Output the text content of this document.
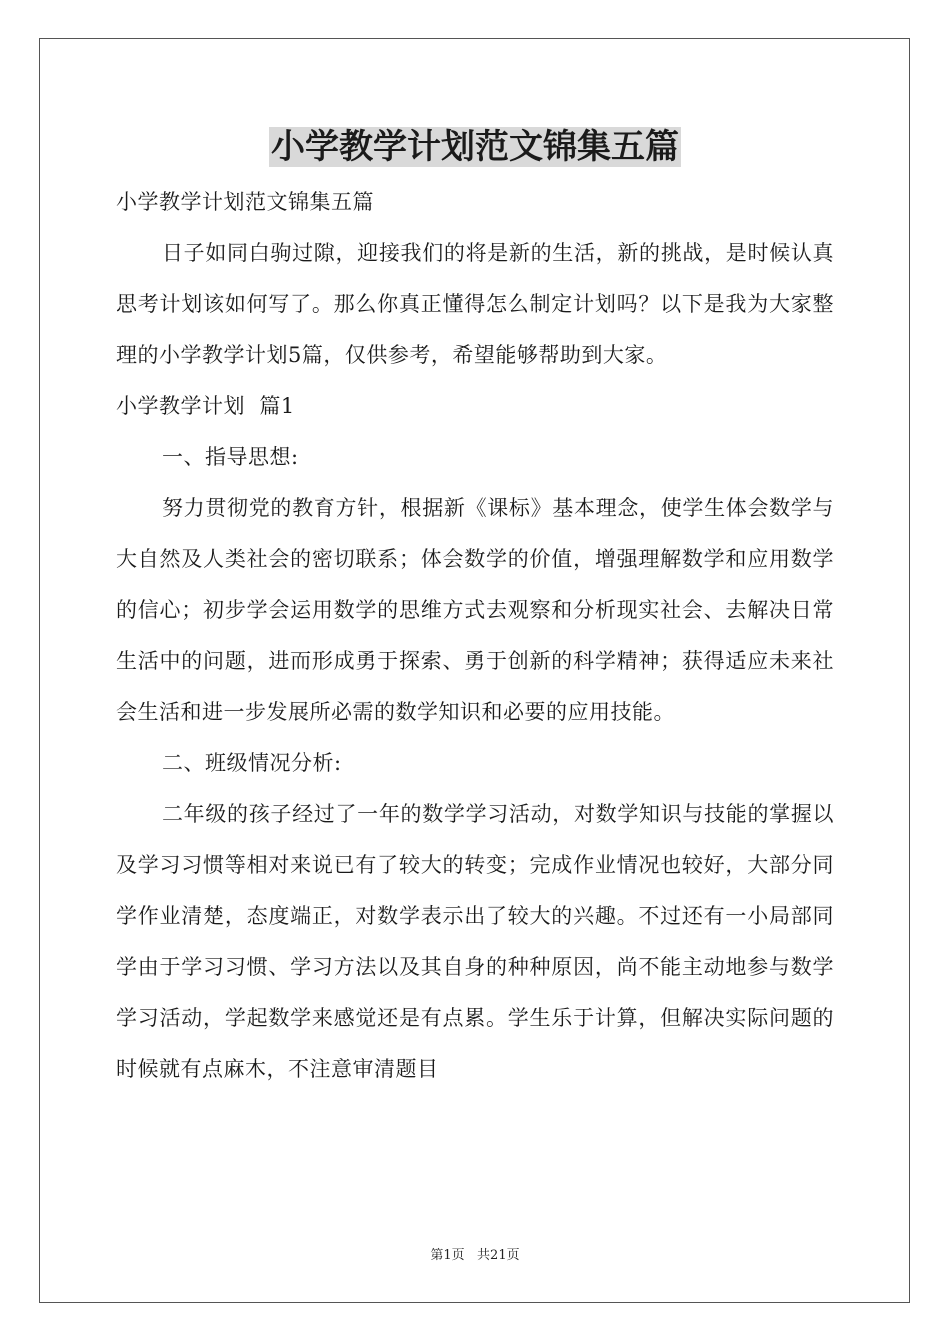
小学教学计划范文锦集五篇

小学教学计划范文锦集五篇

日子如同白驹过隙，迎接我们的将是新的生活，新的挑战，是时候认真思考计划该如何写了。那么你真正懂得怎么制定计划吗？以下是我为大家整理的小学教学计划5篇，仅供参考，希望能够帮助到大家。

小学教学计划  篇1

一、指导思想:

努力贯彻党的教育方针，根据新《课标》基本理念，使学生体会数学与大自然及人类社会的密切联系；体会数学的价值，增强理解数学和应用数学的信心；初步学会运用数学的思维方式去观察和分析现实社会、去解决日常生活中的问题，进而形成勇于探索、勇于创新的科学精神；获得适应未来社会生活和进一步发展所必需的数学知识和必要的应用技能。

二、班级情况分析:

二年级的孩子经过了一年的数学学习活动，对数学知识与技能的掌握以及学习习惯等相对来说已有了较大的转变；完成作业情况也较好，大部分同学作业清楚，态度端正，对数学表示出了较大的兴趣。不过还有一小局部同学由于学习习惯、学习方法以及其自身的种种原因，尚不能主动地参与数学学习活动，学起数学来感觉还是有点累。学生乐于计算，但解决实际问题的时候就有点麻木，不注意审清题目

第1页   共21页
